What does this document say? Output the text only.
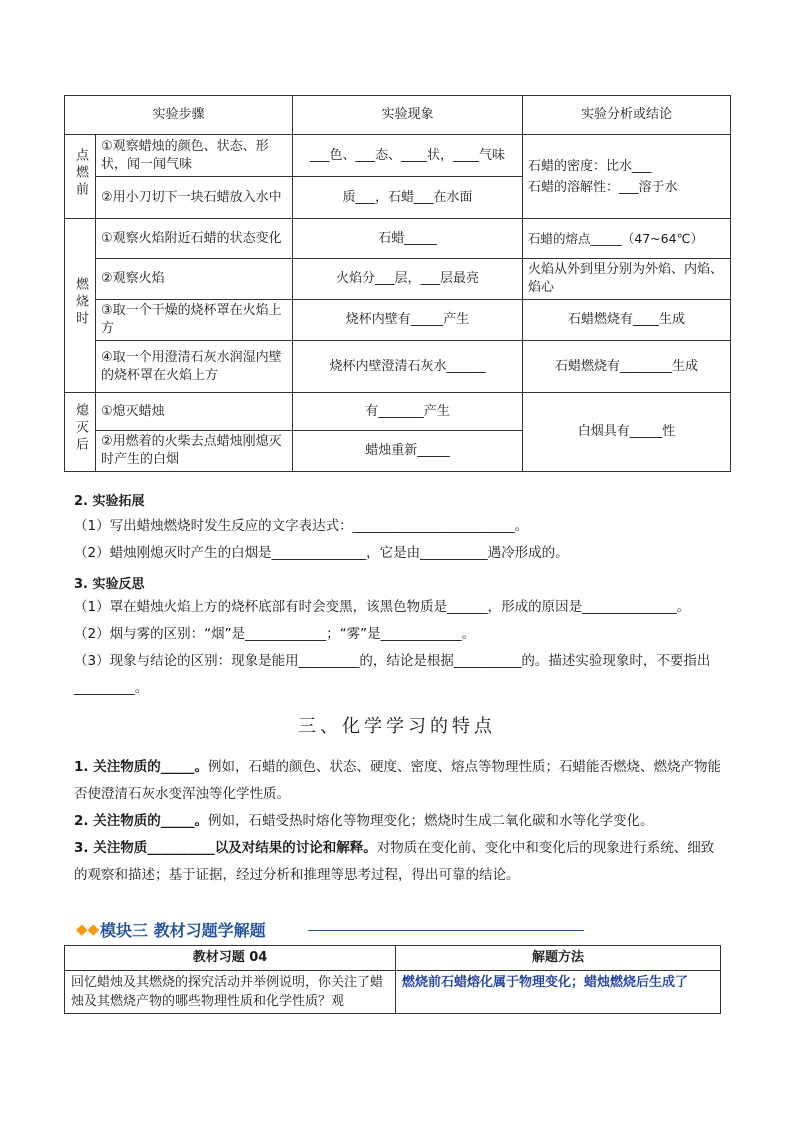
实验步骤		实验现象	实验分析或结论
点燃前	①观察蜡烛的颜色、状态、形状，闻一闻气味	___色、___态、____状，____气味	石蜡的密度：比水___
石蜡的溶解性：___溶于水
	②用小刀切下一块石蜡放入水中	质___，石蜡___在水面	
燃烧时	①观察火焰附近石蜡的状态变化	石蜡_____	石蜡的熔点_____（47~64℃）
	②观察火焰	火焰分___层，___层最亮	火焰从外到里分别为外焰、内焰、焰心
	③取一个干燥的烧杯罩在火焰上方	烧杯内壁有_____产生	石蜡燃烧有____生成
	④取一个用澄清石灰水润湿内壁的烧杯罩在火焰上方	烧杯内壁澄清石灰水______	石蜡燃烧有________生成
熄灭后	①熄灭蜡烛	有_______产生	白烟具有_____性
	②用燃着的火柴去点蜡烛刚熄灭时产生的白烟	蜡烛重新_____	
2. 实验拓展
（1）写出蜡烛燃烧时发生反应的文字表达式：________________________。
（2）蜡烛刚熄灭时产生的白烟是______________，它是由__________遇冷形成的。
3. 实验反思
（1）罩在蜡烛火焰上方的烧杯底部有时会变黑，该黑色物质是______，形成的原因是______________。
（2）烟与雾的区别：“烟”是____________；“雾”是____________。
（3）现象与结论的区别：现象是能用_________的，结论是根据__________的。描述实验现象时，不要指出_________。
三、化学学习的特点
1. 关注物质的_____。例如，石蜡的颜色、状态、硬度、密度、熔点等物理性质；石蜡能否燃烧、燃烧产物能否使澄清石灰水变浑浊等化学性质。
2. 关注物质的_____。例如，石蜡受热时熔化等物理变化；燃烧时生成二氧化碳和水等化学变化。
3. 关注物质__________以及对结果的讨论和解释。对物质在变化前、变化中和变化后的现象进行系统、细致的观察和描述；基于证据，经过分析和推理等思考过程，得出可靠的结论。
◆◆ 模块三 教材习题学解题
教材习题 04	解题方法
回忆蜡烛及其燃烧的探究活动并举例说明，你关注了蜡烛及其燃烧产物的哪些物理性质和化学性质？观	燃烧前石蜡熔化属于物理变化；蜡烛燃烧后生成了
